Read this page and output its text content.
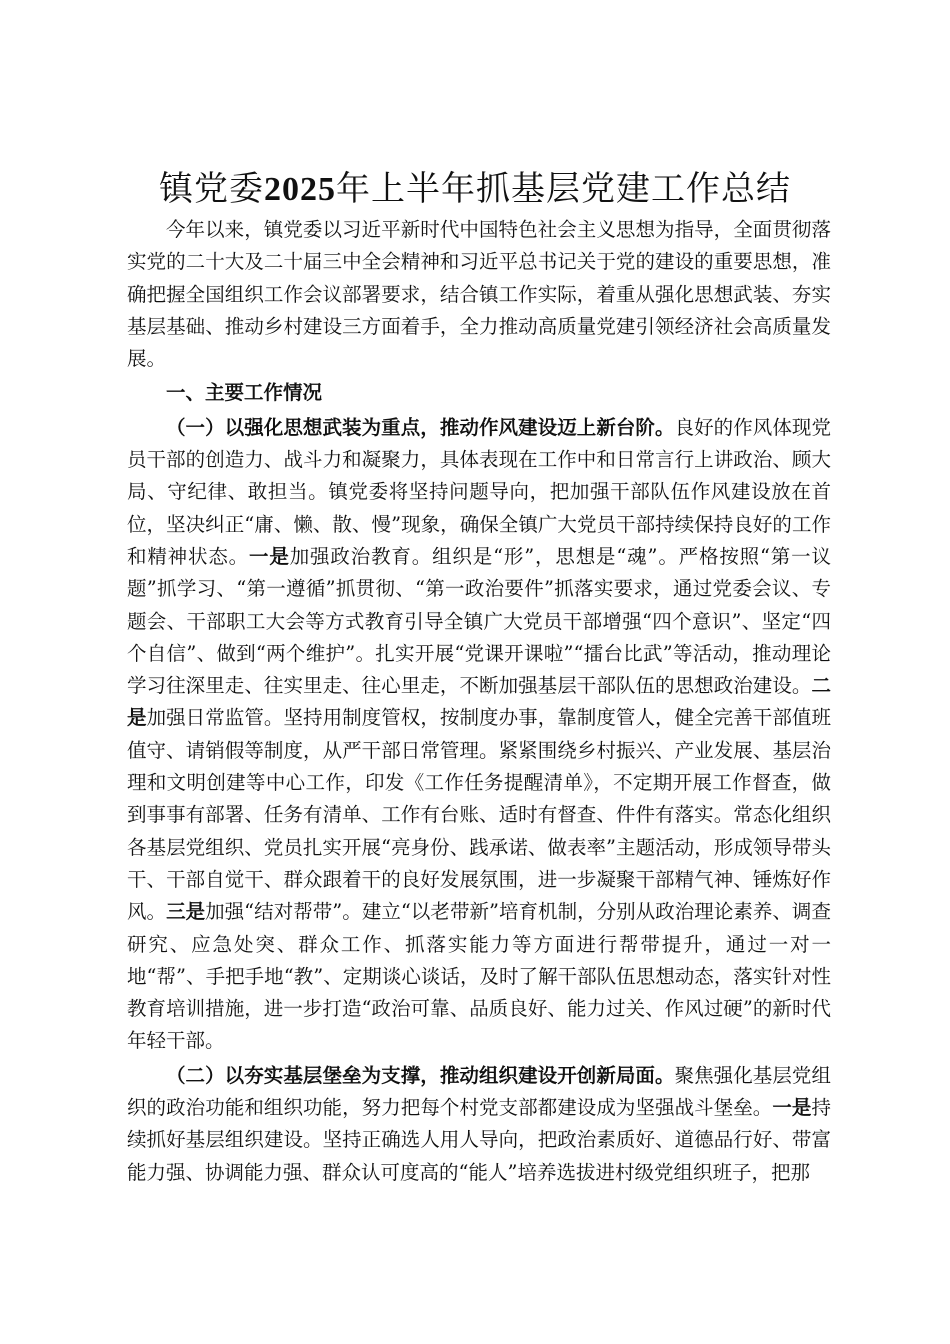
镇党委2025年上半年抓基层党建工作总结

今年以来，镇党委以习近平新时代中国特色社会主义思想为指导，全面贯彻落实党的二十大及二十届三中全会精神和习近平总书记关于党的建设的重要思想，准确把握全国组织工作会议部署要求，结合镇工作实际，着重从强化思想武装、夯实基层基础、推动乡村建设三方面着手，全力推动高质量党建引领经济社会高质量发展。

一、主要工作情况

（一）以强化思想武装为重点，推动作风建设迈上新台阶。良好的作风体现党员干部的创造力、战斗力和凝聚力，具体表现在工作中和日常言行上讲政治、顾大局、守纪律、敢担当。镇党委将坚持问题导向，把加强干部队伍作风建设放在首位，坚决纠正“庸、懒、散、慢”现象，确保全镇广大党员干部持续保持良好的工作和精神状态。一是加强政治教育。组织是“形”，思想是“魂”。严格按照“第一议题”抓学习、“第一遵循”抓贯彻、“第一政治要件”抓落实要求，通过党委会议、专题会、干部职工大会等方式教育引导全镇广大党员干部增强“四个意识”、坚定“四个自信”、做到“两个维护”。扎实开展“党课开课啦”“擂台比武”等活动，推动理论学习往深里走、往实里走、往心里走，不断加强基层干部队伍的思想政治建设。二是加强日常监管。坚持用制度管权，按制度办事，靠制度管人，健全完善干部值班值守、请销假等制度，从严干部日常管理。紧紧围绕乡村振兴、产业发展、基层治理和文明创建等中心工作，印发《工作任务提醒清单》，不定期开展工作督查，做到事事有部署、任务有清单、工作有台账、适时有督查、件件有落实。常态化组织各基层党组织、党员扎实开展“亮身份、践承诺、做表率”主题活动，形成领导带头干、干部自觉干、群众跟着干的良好发展氛围，进一步凝聚干部精气神、锤炼好作风。三是加强“结对帮带”。建立“以老带新”培育机制，分别从政治理论素养、调查研究、应急处突、群众工作、抓落实能力等方面进行帮带提升，通过一对一地“帮”、手把手地“教”、定期谈心谈话，及时了解干部队伍思想动态，落实针对性教育培训措施，进一步打造“政治可靠、品质良好、能力过关、作风过硬”的新时代年轻干部。

（二）以夯实基层堡垒为支撑，推动组织建设开创新局面。聚焦强化基层党组织的政治功能和组织功能，努力把每个村党支部都建设成为坚强战斗堡垒。一是持续抓好基层组织建设。坚持正确选人用人导向，把政治素质好、道德品行好、带富能力强、协调能力强、群众认可度高的“能人”培养选拔进村级党组织班子，把那
